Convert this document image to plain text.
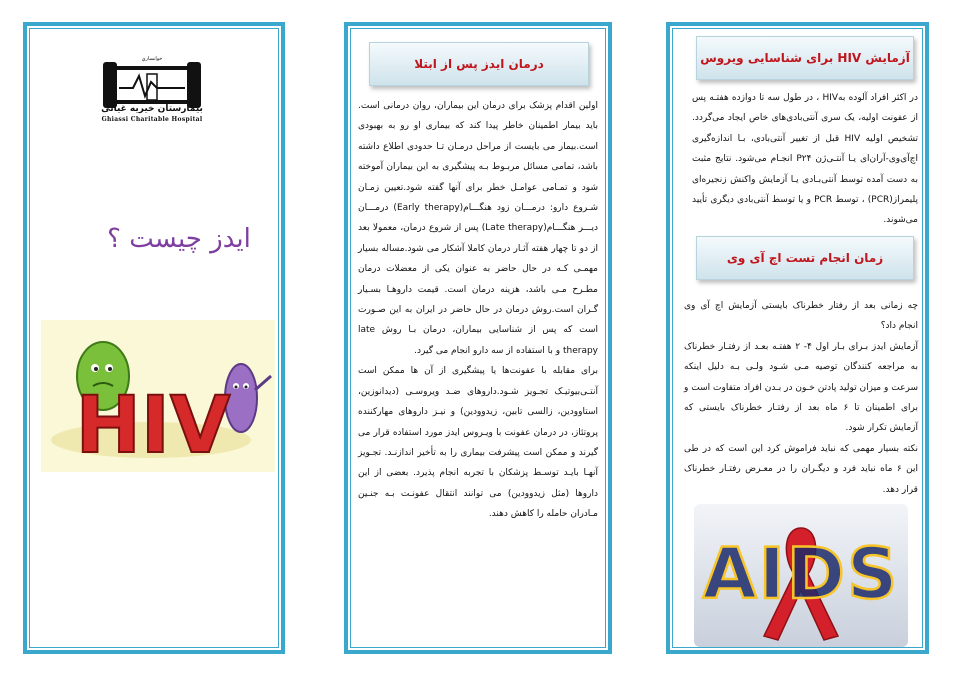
خوانساري
بیمارستان خیریه غیاثی
Ghiassi Charitable Hospital
ایدز چیست ؟
HIV
درمان ایدز پس از ابتلا

اولین اقدام پزشک برای درمان این بیماران، روان درمانی است. باید بیمار اطمینان خاطر پیدا کند که بیماری او رو به بهبودی است.بیمار می بایست از مراحل درمـان تـا حدودی اطلاع داشته باشد، تمامی مسائل مربـوط بـه پیشگیری به این بیماران آموخته شود و تمـامی عوامـل خطر برای آنها گفته شود.تعیین زمـان شـروع دارو: درمـــان زود هنگـــام(Early therapy) درمـــان دیـــر هنگـــام(Late therapy) پس از شروع درمان، معمولا بعد از دو تا چهار هفته آثـار درمان کاملا آشکار می شود.مساله بسیار مهمـی کـه در حال حاضر به عنوان یکی از معضلات درمان مطـرح مـی باشد، هزینه درمان است. قیمت داروهـا بسـیار گـران است.روش درمان در حال حاضر در ایران به این صـورت است که پس از شناسایی بیماران، درمان بـا روش late therapy و با استفاده از سه دارو انجام می گیرد.

برای مقابله با عفونت‌ها یا پیشگیری از آن ها ممکن است آنتـی‌بیوتیـک تجـویز شـود.داروهای ضـد ویروسـی (دیدانوزین، استاوودین، زالسی تابین، زیدوودین) و نیـز داروهای مهارکننده پروتئاز، در درمان عفونت با ویـروس ایدز مورد استفاده قرار می گیرند و ممکن است پیشرفت بیماری را به تأخیر اندازنـد. تجـویز آنهـا بایـد توسـط پزشکان با تجربه انجام پذیرد. بعضی از این داروها (مثل زیدوودین) می توانند انتقال عفونـت بـه جنـین مـادران حامله را کاهش دهند.

آزمایش HIV برای شناسایی ویروس

در اکثر افراد آلوده بهHIV ، در طول سه تا دوازده هفتـه پس از عفونت اولیه، یک سری آنتی‌بادی‌های خاص ایجاد می‌گردد. تشخیص اولیه HIV قبل از تغییر آنتی‌بادی، بـا اندازه‌گیری اچ‌آی‌وی-آر‌ان‌ای یـا آنتـی‌ژن P۲۴ انجـام می‌شود. نتایج مثبت به دست آمده توسط آنتی‌بـادی یـا آزمایش واکنش زنجیره‌ای پلیمراز(PCR) ، توسط PCR و یا توسط آنتی‌بادی دیگری تأیید می‌شوند.

زمان انجام تست اچ آی وی

چه زمانی بعد از رفتار خطرناک بایستی آزمایش اچ آی وی انجام داد؟

آزمایش ایدز بـرای بـار اول ۴- ۲ هفتـه بعـد از رفتـار خطرناک به مراجعه کنندگان توصیه مـی شـود ولـی بـه دلیل اینکه سرعت و میزان تولید پادتن خـون در بـدن افراد متفاوت است و برای اطمینان تا ۶ ماه بعد از رفتـار خطرناک بایستی که آزمایش تکرار شود.

نکته بسیار مهمی که نباید فراموش کرد این است که در طی این ۶ ماه نباید فرد و دیگـران را در معـرض رفتـار خطرناک قرار دهد.

AIDS
